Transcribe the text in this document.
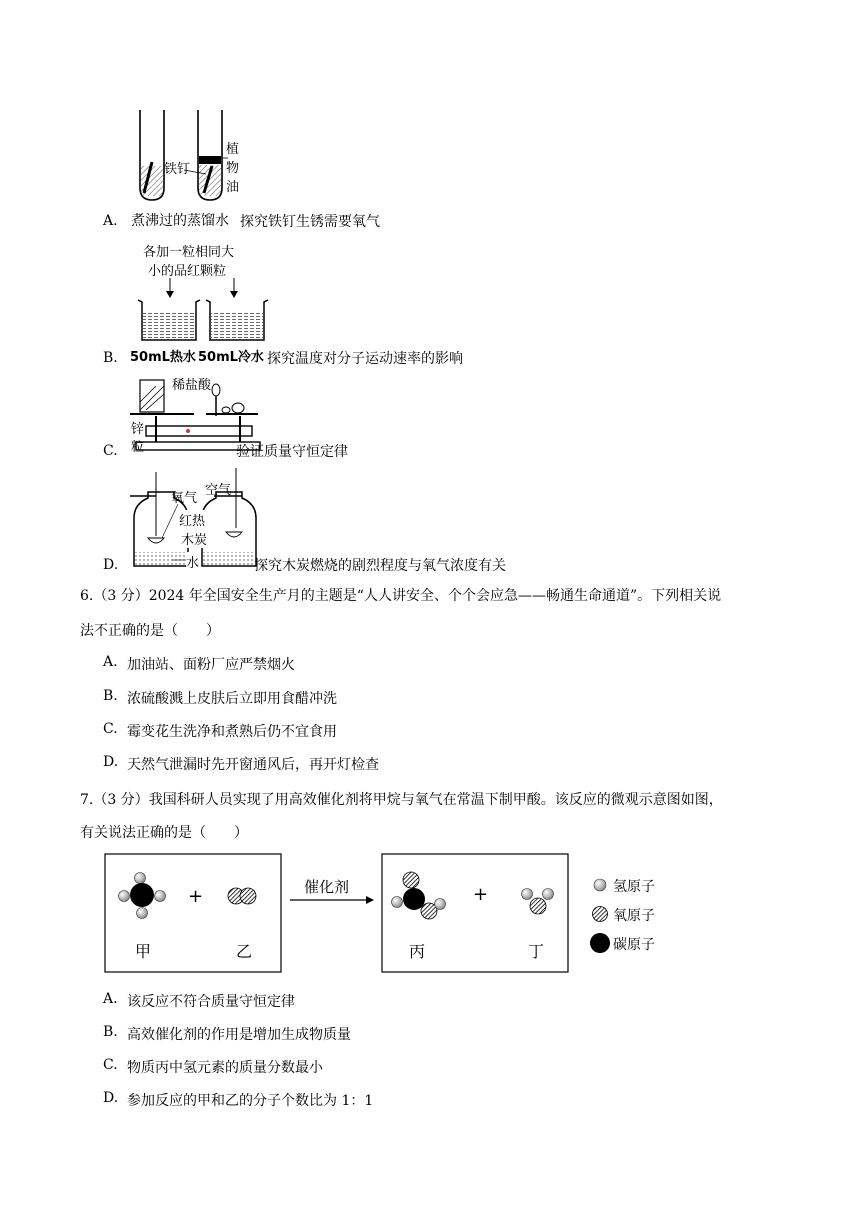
铁钉
植
物
油
A. 煮沸过的蒸馏水 探究铁钉生锈需要氧气
各加一粒相同大
小的品红颗粒
B. 50mL热水 50mL冷水 探究温度对分子运动速率的影响
稀盐酸
锌
粒
C.	验证质量守恒定律
氧气
空气
红热
木炭
水
D.	探究木炭燃烧的剧烈程度与氧气浓度有关
6.（3 分）2024 年全国安全生产月的主题是“人人讲安全、个个会应急——畅通生命通道”。下列相关说
法不正确的是（　　）
A. 加油站、面粉厂应严禁烟火
B. 浓硫酸溅上皮肤后立即用食醋冲洗
C. 霉变花生洗净和煮熟后仍不宜食用
D. 天然气泄漏时先开窗通风后，再开灯检查
7.（3 分）我国科研人员实现了用高效催化剂将甲烷与氧气在常温下制甲酸。该反应的微观示意图如图，
有关说法正确的是（　　）
催化剂
+	+
甲	乙	丙	丁
氢原子
氧原子
碳原子
A. 该反应不符合质量守恒定律
B. 高效催化剂的作用是增加生成物质量
C. 物质丙中氢元素的质量分数最小
D. 参加反应的甲和乙的分子个数比为 1：1
